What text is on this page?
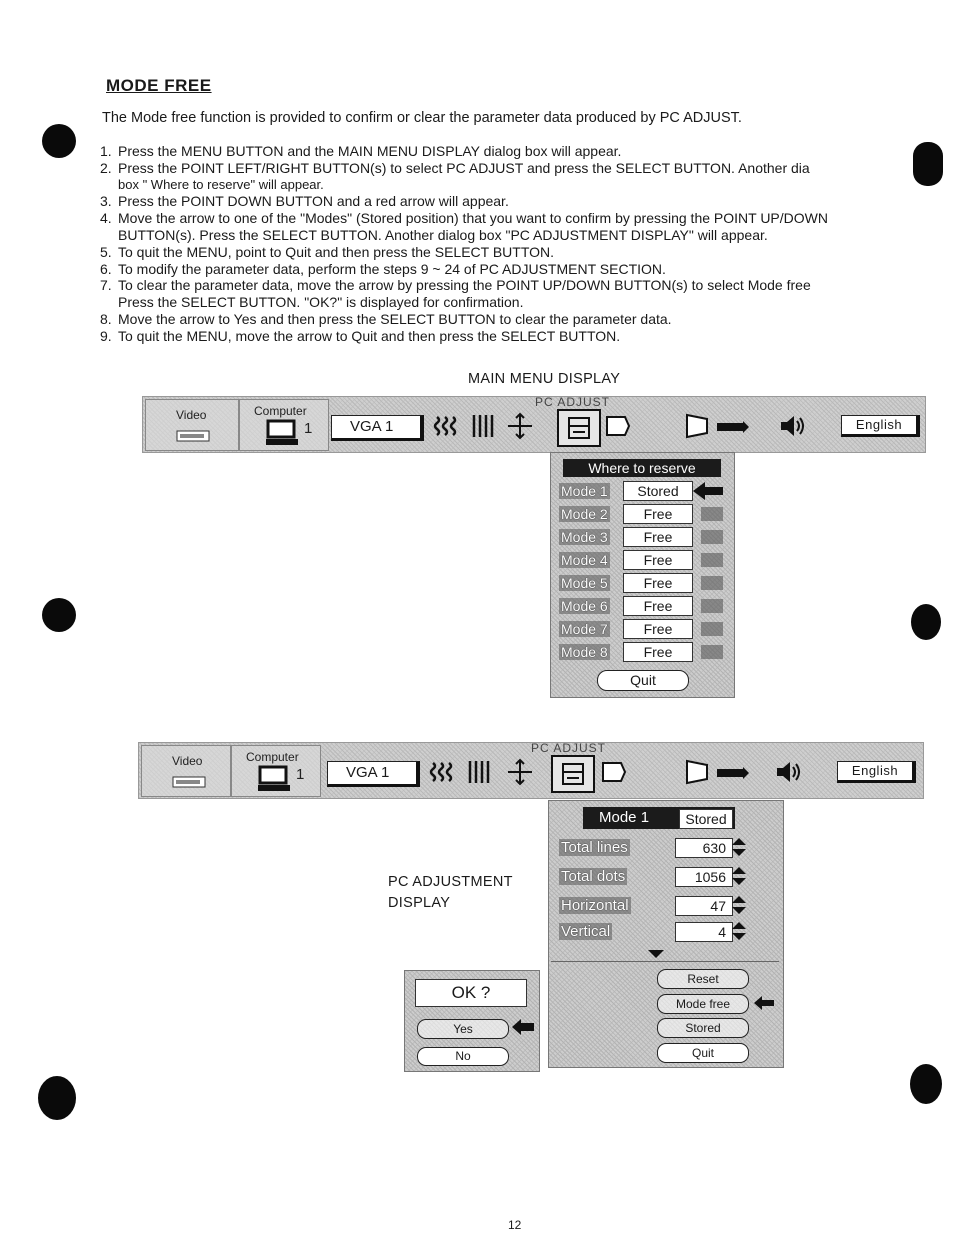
MODE FREE
The Mode free function is provided to confirm or clear the parameter data produced by PC ADJUST.
1. Press the MENU BUTTON and the MAIN MENU DISPLAY dialog box will appear.
2. Press the POINT LEFT/RIGHT BUTTON(s) to select PC ADJUST and press the SELECT BUTTON. Another dia
box " Where to reserve" will appear.
3. Press the POINT DOWN BUTTON and a red arrow will appear.
4. Move the arrow to one of the "Modes" (Stored position) that you want to confirm by pressing the POINT UP/DOWN
BUTTON(s). Press the SELECT BUTTON. Another dialog box "PC ADJUSTMENT DISPLAY" will appear.
5. To quit the MENU, point to Quit and then press the SELECT BUTTON.
6. To modify the parameter data, perform the steps 9 ~ 24 of PC ADJUSTMENT SECTION.
7. To clear the parameter data, move the arrow by pressing the POINT UP/DOWN BUTTON(s) to select Mode free
Press the SELECT BUTTON. "OK?" is displayed for confirmation.
8. Move the arrow to Yes and then press the SELECT BUTTON to clear the parameter data.
9. To quit the MENU, move the arrow to Quit and then press the SELECT BUTTON.
MAIN MENU DISPLAY
Video	Computer
1
PC ADJUST
VGA 1	English
Where to reserve
Mode 1	Stored
Mode 2	Free
Mode 3	Free
Mode 4	Free
Mode 5	Free
Mode 6	Free
Mode 7	Free
Mode 8	Free
Quit
Video	Computer
1
PC ADJUST
VGA 1	English
PC ADJUSTMENT
DISPLAY
Mode 1	Stored
Total lines	630
Total dots	1056
Horizontal	47
Vertical	4
Reset
Mode free
Stored
Quit
OK ?
Yes
No
12
